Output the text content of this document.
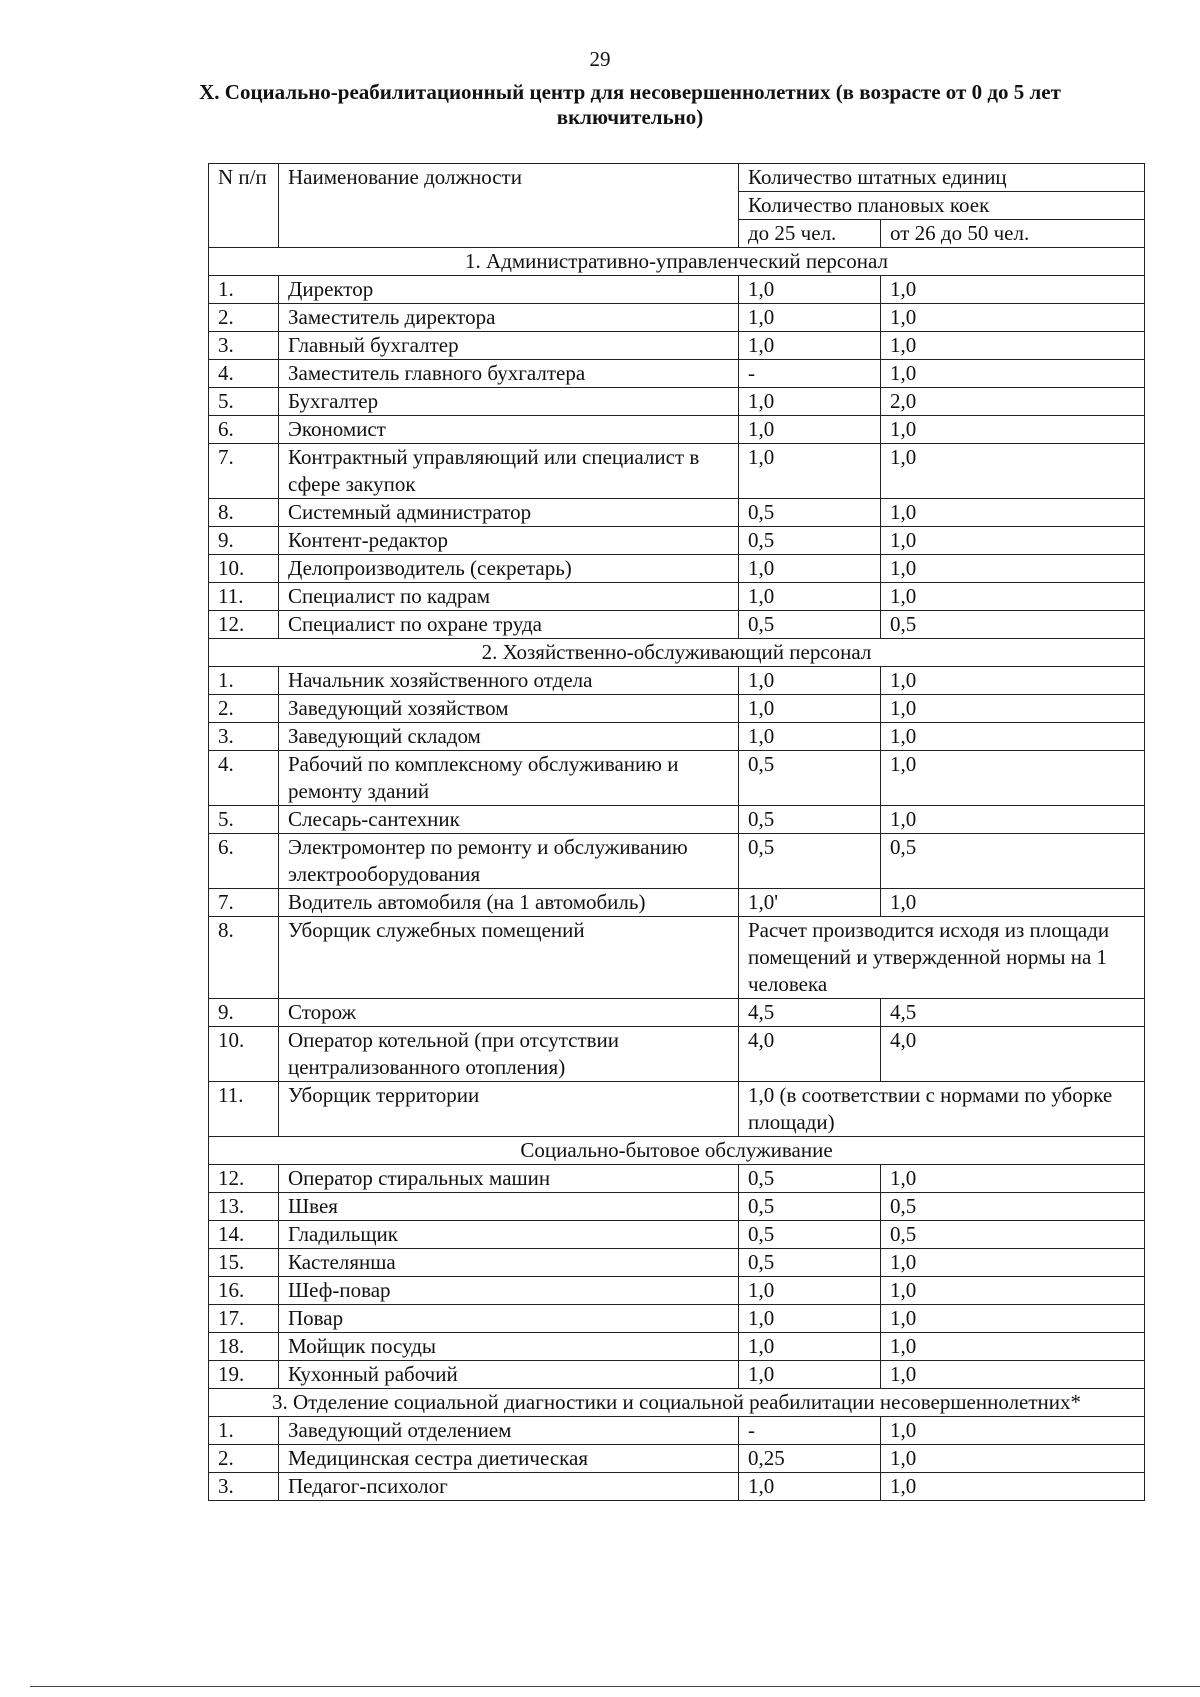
29
X. Социально-реабилитационный центр для несовершеннолетних (в возрасте от 0 до 5 лет включительно)
N п/п	Наименование должности	Количество штатных единиц	
		Количество плановых коек	
		до 25 чел.	от 26 до 50 чел.
1. Административно-управленческий персонал			
1.	Директор	1,0	1,0
2.	Заместитель директора	1,0	1,0
3.	Главный бухгалтер	1,0	1,0
4.	Заместитель главного бухгалтера	-	1,0
5.	Бухгалтер	1,0	2,0
6.	Экономист	1,0	1,0
7.	Контрактный управляющий или специалист в сфере закупок	1,0	1,0
8.	Системный администратор	0,5	1,0
9.	Контент-редактор	0,5	1,0
10.	Делопроизводитель (секретарь)	1,0	1,0
11.	Специалист по кадрам	1,0	1,0
12.	Специалист по охране труда	0,5	0,5
2. Хозяйственно-обслуживающий персонал			
1.	Начальник хозяйственного отдела	1,0	1,0
2.	Заведующий хозяйством	1,0	1,0
3.	Заведующий складом	1,0	1,0
4.	Рабочий по комплексному обслуживанию и ремонту зданий	0,5	1,0
5.	Слесарь-сантехник	0,5	1,0
6.	Электромонтер по ремонту и обслуживанию электрооборудования	0,5	0,5
7.	Водитель автомобиля (на 1 автомобиль)	1,0'	1,0
8.	Уборщик служебных помещений	Расчет производится исходя из площади помещений и утвержденной нормы на 1 человека	
9.	Сторож	4,5	4,5
10.	Оператор котельной (при отсутствии централизованного отопления)	4,0	4,0
11.	Уборщик территории	1,0 (в соответствии с нормами по уборке площади)	
Социально-бытовое обслуживание			
12.	Оператор стиральных машин	0,5	1,0
13.	Швея	0,5	0,5
14.	Гладильщик	0,5	0,5
15.	Кастелянша	0,5	1,0
16.	Шеф-повар	1,0	1,0
17.	Повар	1,0	1,0
18.	Мойщик посуды	1,0	1,0
19.	Кухонный рабочий	1,0	1,0
3. Отделение социальной диагностики и социальной реабилитации несовершеннолетних*			
1.	Заведующий отделением	-	1,0
2.	Медицинская сестра диетическая	0,25	1,0
3.	Педагог-психолог	1,0	1,0
